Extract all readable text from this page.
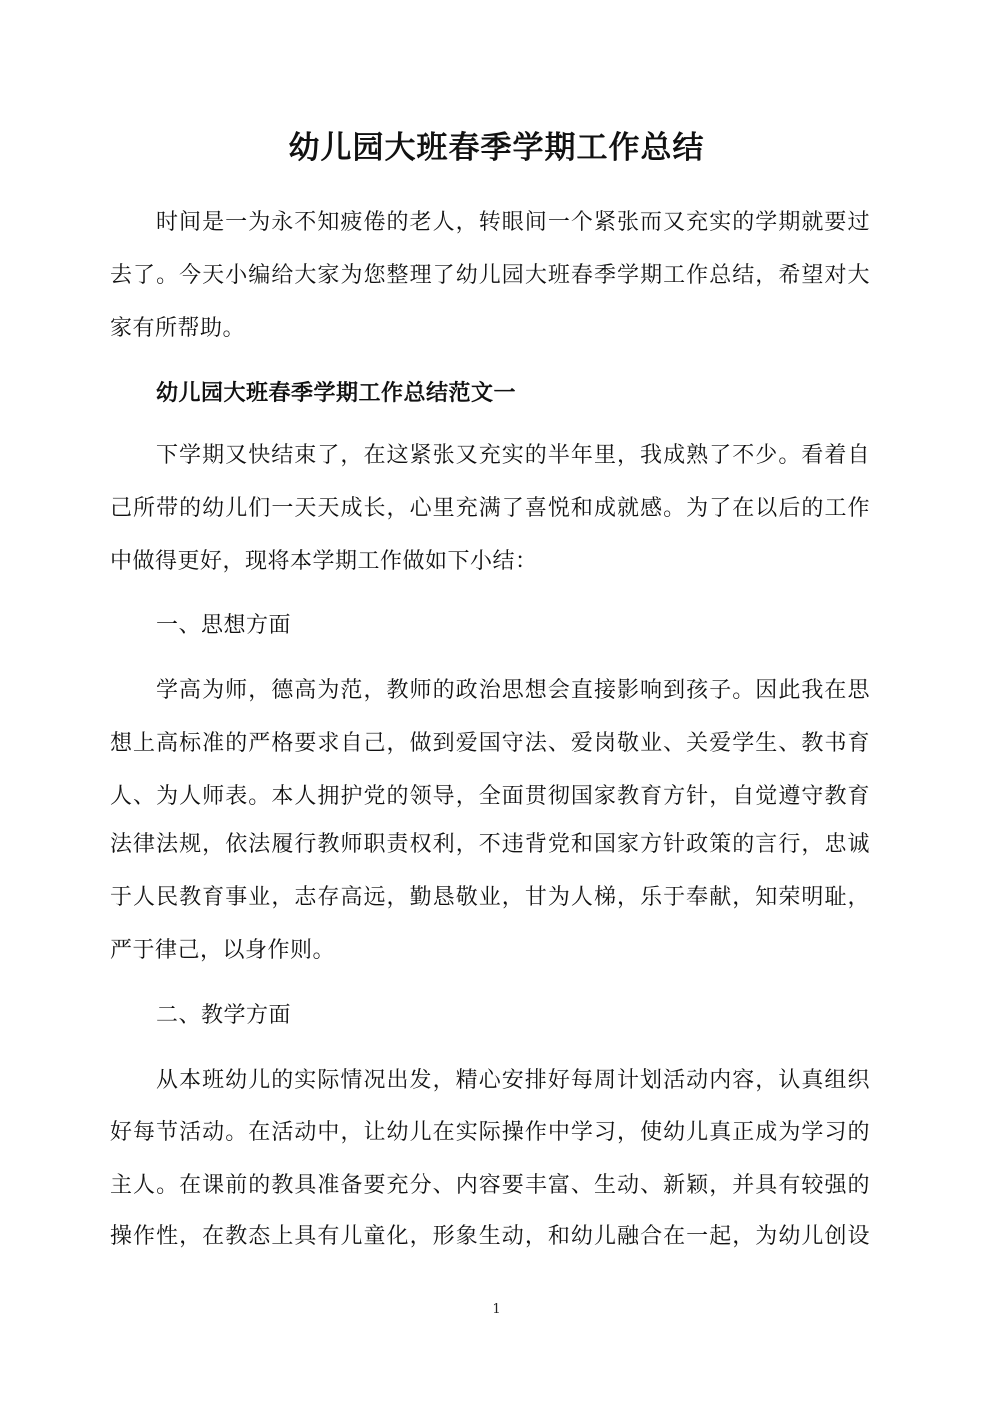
幼儿园大班春季学期工作总结
时间是一为永不知疲倦的老人，转眼间一个紧张而又充实的学期就要过
去了。今天小编给大家为您整理了幼儿园大班春季学期工作总结，希望对大
家有所帮助。
幼儿园大班春季学期工作总结范文一
下学期又快结束了，在这紧张又充实的半年里，我成熟了不少。看着自
己所带的幼儿们一天天成长，心里充满了喜悦和成就感。为了在以后的工作
中做得更好，现将本学期工作做如下小结：
一、思想方面
学高为师，德高为范，教师的政治思想会直接影响到孩子。因此我在思
想上高标准的严格要求自己，做到爱国守法、爱岗敬业、关爱学生、教书育
人、为人师表。本人拥护党的领导，全面贯彻国家教育方针，自觉遵守教育
法律法规，依法履行教师职责权利，不违背党和国家方针政策的言行，忠诚
于人民教育事业，志存高远，勤恳敬业，甘为人梯，乐于奉献，知荣明耻，
严于律己，以身作则。
二、教学方面
从本班幼儿的实际情况出发，精心安排好每周计划活动内容，认真组织
好每节活动。在活动中，让幼儿在实际操作中学习，使幼儿真正成为学习的
主人。在课前的教具准备要充分、内容要丰富、生动、新颖，并具有较强的
操作性，在教态上具有儿童化，形象生动，和幼儿融合在一起，为幼儿创设
1
